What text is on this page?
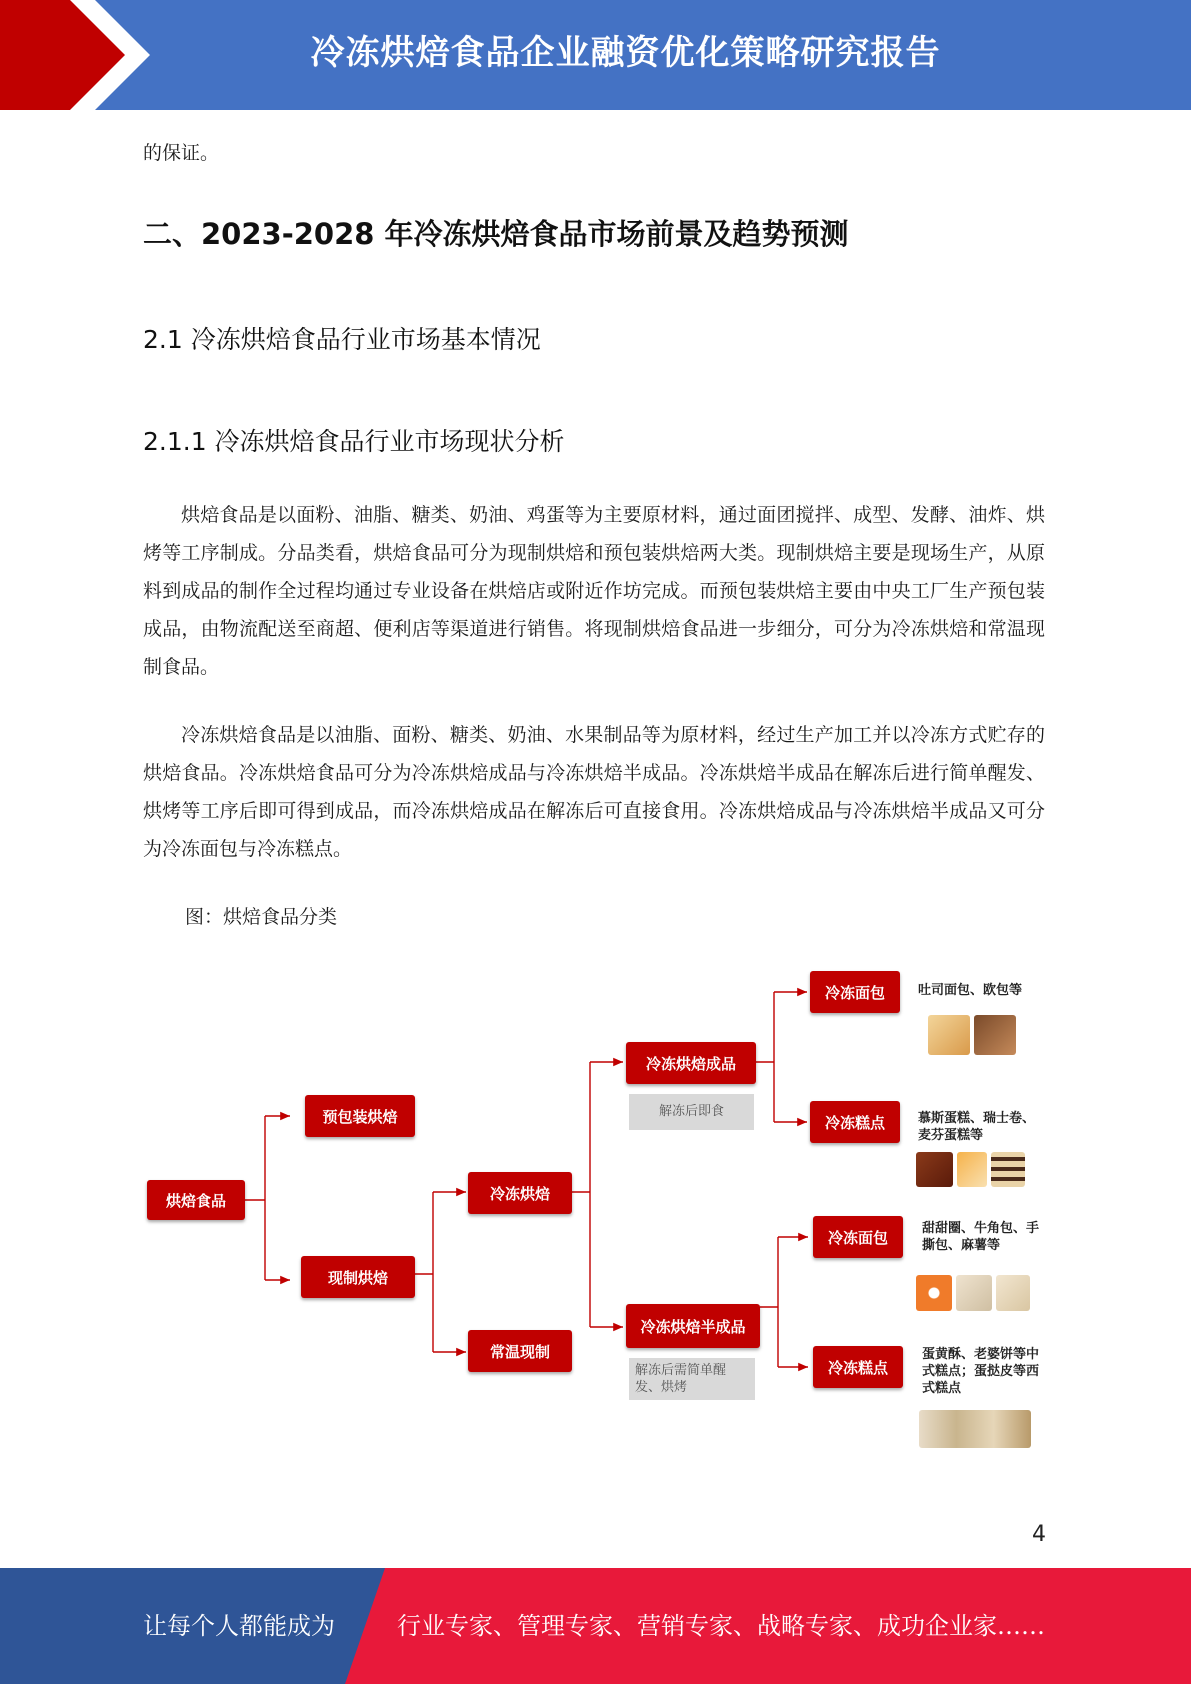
冷冻烘焙食品企业融资优化策略研究报告
的保证。
二、2023-2028 年冷冻烘焙食品市场前景及趋势预测
2.1 冷冻烘焙食品行业市场基本情况
2.1.1 冷冻烘焙食品行业市场现状分析
烘焙食品是以面粉、油脂、糖类、奶油、鸡蛋等为主要原材料，通过面团搅拌、成型、发酵、油炸、烘烤等工序制成。分品类看，烘焙食品可分为现制烘焙和预包装烘焙两大类。现制烘焙主要是现场生产，从原料到成品的制作全过程均通过专业设备在烘焙店或附近作坊完成。而预包装烘焙主要由中央工厂生产预包装成品，由物流配送至商超、便利店等渠道进行销售。将现制烘焙食品进一步细分，可分为冷冻烘焙和常温现制食品。
冷冻烘焙食品是以油脂、面粉、糖类、奶油、水果制品等为原材料，经过生产加工并以冷冻方式贮存的烘焙食品。冷冻烘焙食品可分为冷冻烘焙成品与冷冻烘焙半成品。冷冻烘焙半成品在解冻后进行简单醒发、烘烤等工序后即可得到成品，而冷冻烘焙成品在解冻后可直接食用。冷冻烘焙成品与冷冻烘焙半成品又可分为冷冻面包与冷冻糕点。
图：烘焙食品分类
烘焙食品
预包装烘焙
现制烘焙
冷冻烘焙
常温现制
冷冻烘焙成品
解冻后即食
冷冻烘焙半成品
解冻后需简单醒发、烘烤
冷冻面包
冷冻糕点
冷冻面包
冷冻糕点
吐司面包、欧包等
慕斯蛋糕、瑞士卷、麦芬蛋糕等
甜甜圈、牛角包、手撕包、麻薯等
蛋黄酥、老婆饼等中式糕点；蛋挞皮等西式糕点
4
让每个人都能成为	行业专家、管理专家、营销专家、战略专家、成功企业家……
